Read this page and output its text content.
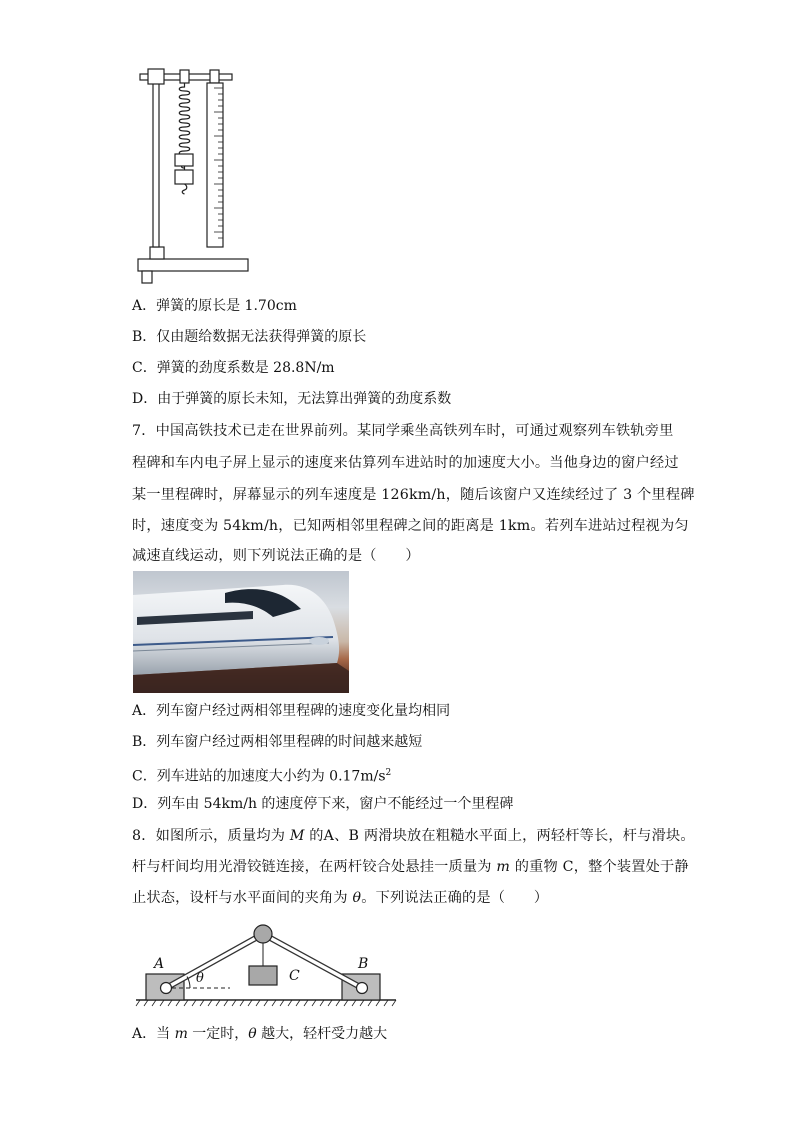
A．弹簧的原长是 1.70cm
B．仅由题给数据无法获得弹簧的原长
C．弹簧的劲度系数是 28.8N/m
D．由于弹簧的原长未知，无法算出弹簧的劲度系数
7．中国高铁技术已走在世界前列。某同学乘坐高铁列车时，可通过观察列车铁轨旁里
程碑和车内电子屏上显示的速度来估算列车进站时的加速度大小。当他身边的窗户经过
某一里程碑时，屏幕显示的列车速度是 126km/h，随后该窗户又连续经过了 3 个里程碑
时，速度变为 54km/h，已知两相邻里程碑之间的距离是 1km。若列车进站过程视为匀
减速直线运动，则下列说法正确的是（　　）
A．列车窗户经过两相邻里程碑的速度变化量均相同
B．列车窗户经过两相邻里程碑的时间越来越短
C．列车进站的加速度大小约为 $0.17m/s^2$
D．列车由 54km/h 的速度停下来，窗户不能经过一个里程碑
8．如图所示，质量均为 M 的A、B 两滑块放在粗糙水平面上，两轻杆等长，杆与滑块。
杆与杆间均用光滑铰链连接，在两杆铰合处悬挂一质量为 m 的重物 C，整个装置处于静
止状态，设杆与水平面间的夹角为 θ。下列说法正确的是（　　）
A	B
C
θ
A．当 m 一定时，θ 越大，轻杆受力越大
